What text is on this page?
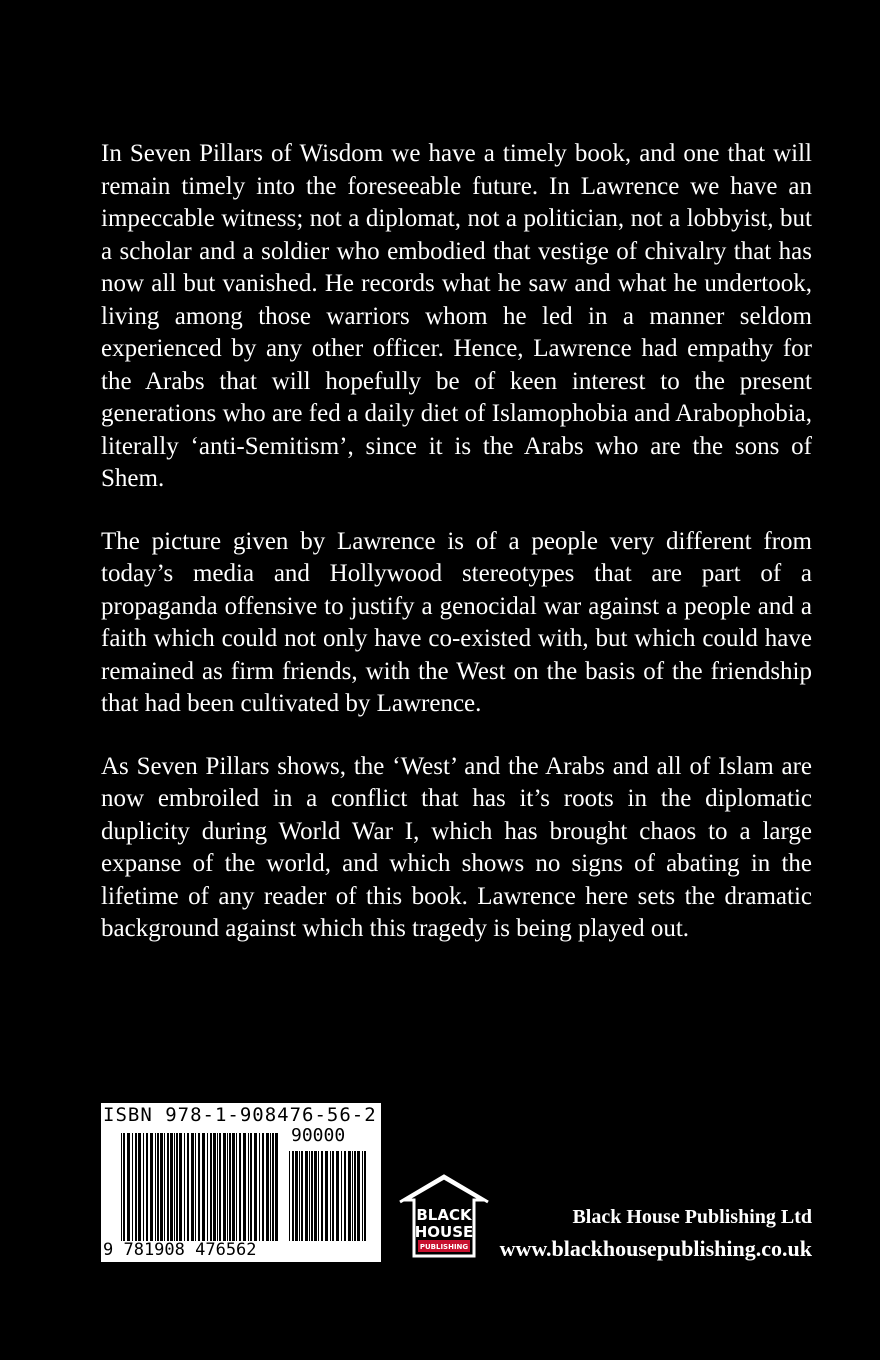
In Seven Pillars of Wisdom we have a timely book, and one that will remain timely into the foreseeable future. In Lawrence we have an impeccable witness; not a diplomat, not a politician, not a lobbyist, but a scholar and a soldier who embodied that vestige of chivalry that has now all but vanished. He records what he saw and what he undertook, living among those warriors whom he led in a manner seldom experienced by any other officer. Hence, Lawrence had empathy for the Arabs that will hopefully be of keen interest to the present generations who are fed a daily diet of Islamophobia and Arabophobia, literally ‘anti-Semitism’, since it is the Arabs who are the sons of Shem.

The picture given by Lawrence is of a people very different from today’s media and Hollywood stereotypes that are part of a propaganda offensive to justify a genocidal war against a people and a faith which could not only have co-existed with, but which could have remained as firm friends, with the West on the basis of the friendship that had been cultivated by Lawrence.

As Seven Pillars shows, the ‘West’ and the Arabs and all of Islam are now embroiled in a conflict that has it’s roots in the diplomatic duplicity during World War I, which has brought chaos to a large expanse of the world, and which shows no signs of abating in the lifetime of any reader of this book. Lawrence here sets the dramatic background against which this tragedy is being played out.

ISBN 978-1-908476-56-2
90000
9 781908 476562
BLACK
HOUSE
PUBLISHING
Black House Publishing Ltd
www.blackhousepublishing.co.uk
